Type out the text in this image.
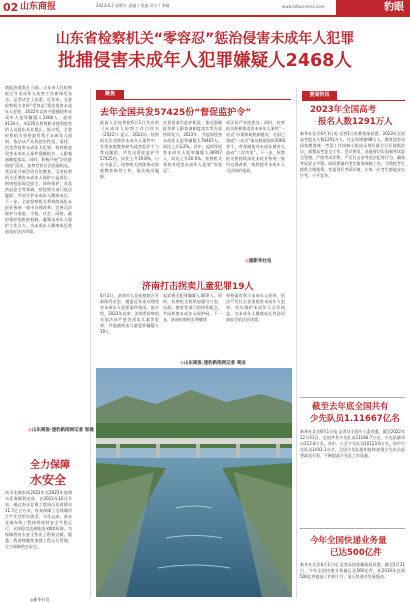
02 山东商报	2023.6.2 星期五 责编 / 邹通 设计 / 李婧	www.sdbusiness.com	豹眼
山东省检察机关“零容忍”惩治侵害未成年人犯罪
批捕侵害未成年人犯罪嫌疑人2468人
商报济南消息 日前，山东省人民检察院召开未成年人检察工作新闻发布会。记者从会上获悉，近年来，全省检察机关坚持“零容忍”惩治侵害未成年人犯罪，2022年以来共批捕侵害未成年人犯罪嫌疑人2468人，起诉4134人，对235名利用职业便利侵害的人员提出从业禁止。据介绍，全省检察机关坚持最有利于未成年人原则，依法从严从快惩治性侵、虐待、拐卖等侵害未成年人犯罪，持续推进侵害未成年人案件强制报告、入职查询制度落实。同时，积极开展“法治进校园”活动，检察官担任法治副校长，常态化开展法治宣传教育。全省检察机关还聚焦未成年人保护公益诉讼，围绕校园周边安全、网络保护、食品药品安全等领域，督促相关部门依法履职，共同守护未成年人健康成长。下一步，全省检察机关将持续深化未检业务统一集中办理改革，完善司法保护与家庭、学校、社会、网络、政府保护的衔接机制，凝聚未成年人保护工作合力，为未成年人健康成长营造良好法治环境。
◎山东商报·速豹新闻网记者 邹通
全力保障
水安全
南水北调东线2022年至2023年度调水任务顺利完成。自2022年10月开始，通过南水北调工程向山东省调水11.7亿立方米，有效保障了沿线城市生产生活用水需求。今年以来，南水北调东线工程持续保持安全平稳运行，水质稳定达到地表水Ⅲ类标准，为保障我省水安全作出了积极贡献。据悉，我省将继续加强工程运行管理，全力保障供水安全。
◎新华社发
聚焦
去年全国共发57425份“督促监护令”
最高人民检察院6月1日发布的《未成年人检察工作白皮书（2022）》显示，2022年，检察机关在办理涉未成年人案件中，发现家庭教育缺失或者监护不当等问题的，共发出督促监护令57425份。同比上升19.8%。白皮书显示，检察机关持续推动家庭教育指导工作，依法能动履职，
在督促落实监护职责、推动强制报告和入职查询制度落实等方面持续发力。2022年，共起诉侵害未成年人犯罪嫌疑人78467人，同比上升3.2%。其中，起诉性侵害未成年人犯罪嫌疑人36957人，同比上升20.6%。检察机关坚持对侵害未成年人犯罪“零容忍”，
依法从严从快惩处。同时，检察机关积极推进涉未成年人案件“一站式”办案救助机制建设，全国已建成“一站式”取证救助场所2000余个，有效避免对未成年被害人造成“二次伤害”。下一步，检察机关将持续深化未检业务统一集中办理改革，持续提升未成年人司法保护质效。
◎据新华社电
济南打击拐卖儿童犯罪19人
6月1日，济南市人民检察院召开新闻发布会，通报近年来办理侵害未成年人犯罪案件情况。据介绍，2022年以来，济南市检察机关依法从严惩处拐卖儿童等犯罪，共批捕拐卖儿童犯罪嫌疑人19人，
起诉相关犯罪嫌疑人30余人。同时，检察机关持续加强与公安、民政、教育等部门的协作配合，共同织密未成年人保护网。下一步，济南检察机关将继续
坚持最有利于未成年人原则，依法严厉打击各类侵害未成年人犯罪，切实维护未成年人合法权益，为未成年人健康成长营造更加安全的法治环境。
◎山东商报·速豹新闻网记者 周洁
要闻快讯
2023年全国高考
报名人数1291万人
新华社北京6月1日电 记者1日从教育部获悉，2023年全国高考报名人数1291万人，比去年增加98万人。教育部会同国家教育统一考试工作协调小组成员单位联合召开视频会议，部署高考安全工作。会议要求，各地要切实加强考试安全管理，严防考试作弊，严厉打击涉考违法犯罪行为，确保考试安全平稳。同时要做好考生服务保障工作，为残疾考生提供合理便利，营造良好考试环境，让每一位考生都能安心应考、公平竞争。
截至去年底全国共有
少先队员1.11667亿名
新华社北京6月1日电 记者从全国少工委获悉，截至2022年12月31日，全国共有少先队员11166.7万名，少先队辅导员213.8万名。其中，小学少先队员10123.6万名，初中少先队员1043.1万名。全国少先队组织持续加强少先队员思想政治引领，不断提高少先队工作质量。
今年全国快递业务量
已达500亿件
新华社北京6月1日电 记者从国家邮政局获悉，截至5月31日，今年全国快递业务量已达500亿件，比2019年达到500亿件提前了约两个月，显示快递业发展强劲。
